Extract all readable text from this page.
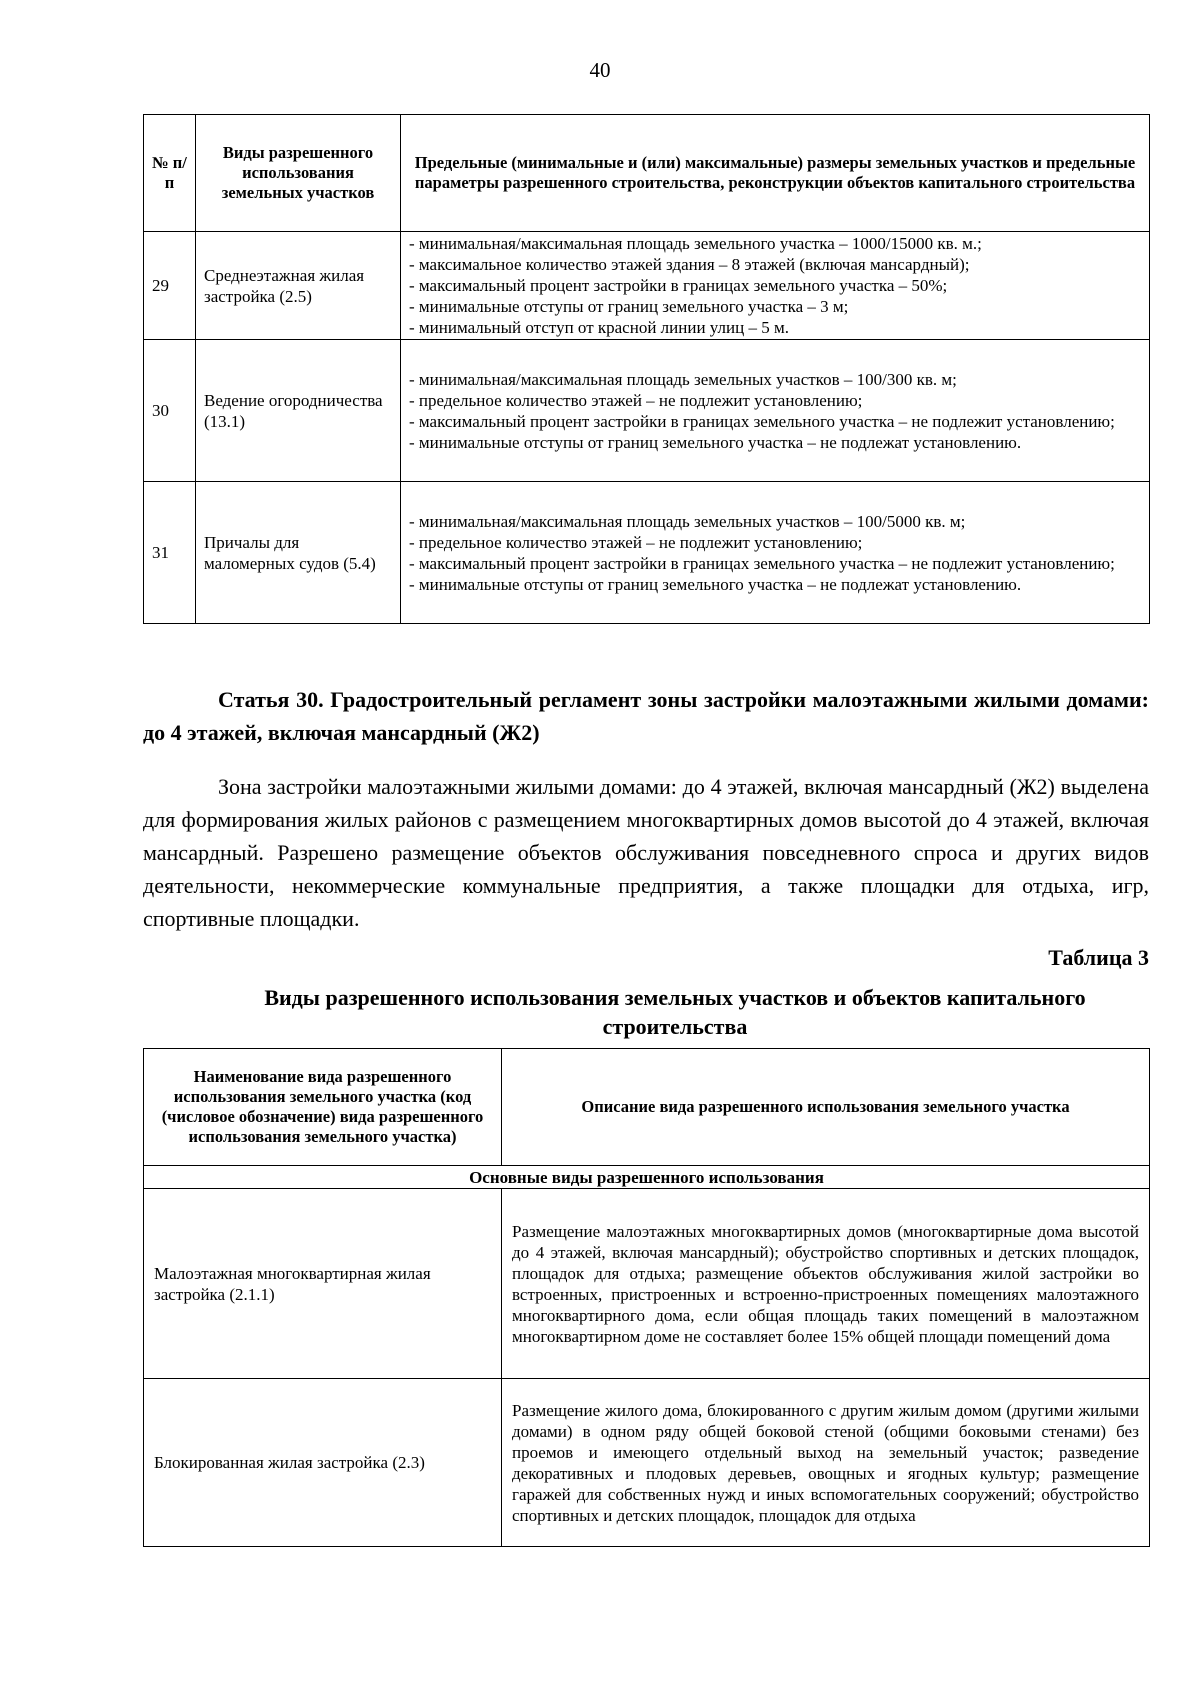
40
№ п/п	Виды разрешенного использования земельных участков	Предельные (минимальные и (или) максимальные) размеры земельных участков и предельные параметры разрешенного строительства, реконструкции объектов капитального строительства
29	Среднеэтажная жилая застройка (2.5)	- минимальная/максимальная площадь земельного участка – 1000/15000 кв. м.;
- максимальное количество этажей здания – 8 этажей (включая мансардный);
- максимальный процент застройки в границах земельного участка – 50%;
- минимальные отступы от границ земельного участка – 3 м;
- минимальный отступ от красной линии улиц – 5 м.

30	Ведение огородничества (13.1)	- минимальная/максимальная площадь земельных участков – 100/300 кв. м;
- предельное количество этажей – не подлежит установлению;
- максимальный процент застройки в границах земельного участка – не подлежит установлению;
- минимальные отступы от границ земельного участка – не подлежат установлению.

31	Причалы для маломерных судов (5.4)	- минимальная/максимальная площадь земельных участков – 100/5000 кв. м;
- предельное количество этажей – не подлежит установлению;
- максимальный процент застройки в границах земельного участка – не подлежит установлению;
- минимальные отступы от границ земельного участка – не подлежат установлению.
Статья 30. Градостроительный регламент зоны застройки малоэтажными жилыми домами: до 4 этажей, включая мансардный (Ж2)

Зона застройки малоэтажными жилыми домами: до 4 этажей, включая мансардный (Ж2) выделена для формирования жилых районов с размещением многоквартирных домов высотой до 4 этажей, включая мансардный. Разрешено размещение объектов обслуживания повседневного спроса и других видов деятельности, некоммерческие коммунальные предприятия, а также площадки для отдыха, игр, спортивные площадки.

Таблица 3
Виды разрешенного использования земельных участков и объектов капитального строительства
Наименование вида разрешенного использования земельного участка (код (числовое обозначение) вида разрешенного использования земельного участка)	Описание вида разрешенного использования земельного участка
Основные виды разрешенного использования	
Малоэтажная многоквартирная жилая застройка (2.1.1)	Размещение малоэтажных многоквартирных домов (многоквартирные дома высотой до 4 этажей, включая мансардный); обустройство спортивных и детских площадок, площадок для отдыха; размещение объектов обслуживания жилой застройки во встроенных, пристроенных и встроенно-пристроенных помещениях малоэтажного многоквартирного дома, если общая площадь таких помещений в малоэтажном многоквартирном доме не составляет более 15% общей площади помещений дома
Блокированная жилая застройка (2.3)	Размещение жилого дома, блокированного с другим жилым домом (другими жилыми домами) в одном ряду общей боковой стеной (общими боковыми стенами) без проемов и имеющего отдельный выход на земельный участок; разведение декоративных и плодовых деревьев, овощных и ягодных культур; размещение гаражей для собственных нужд и иных вспомогательных сооружений; обустройство спортивных и детских площадок, площадок для отдыха
